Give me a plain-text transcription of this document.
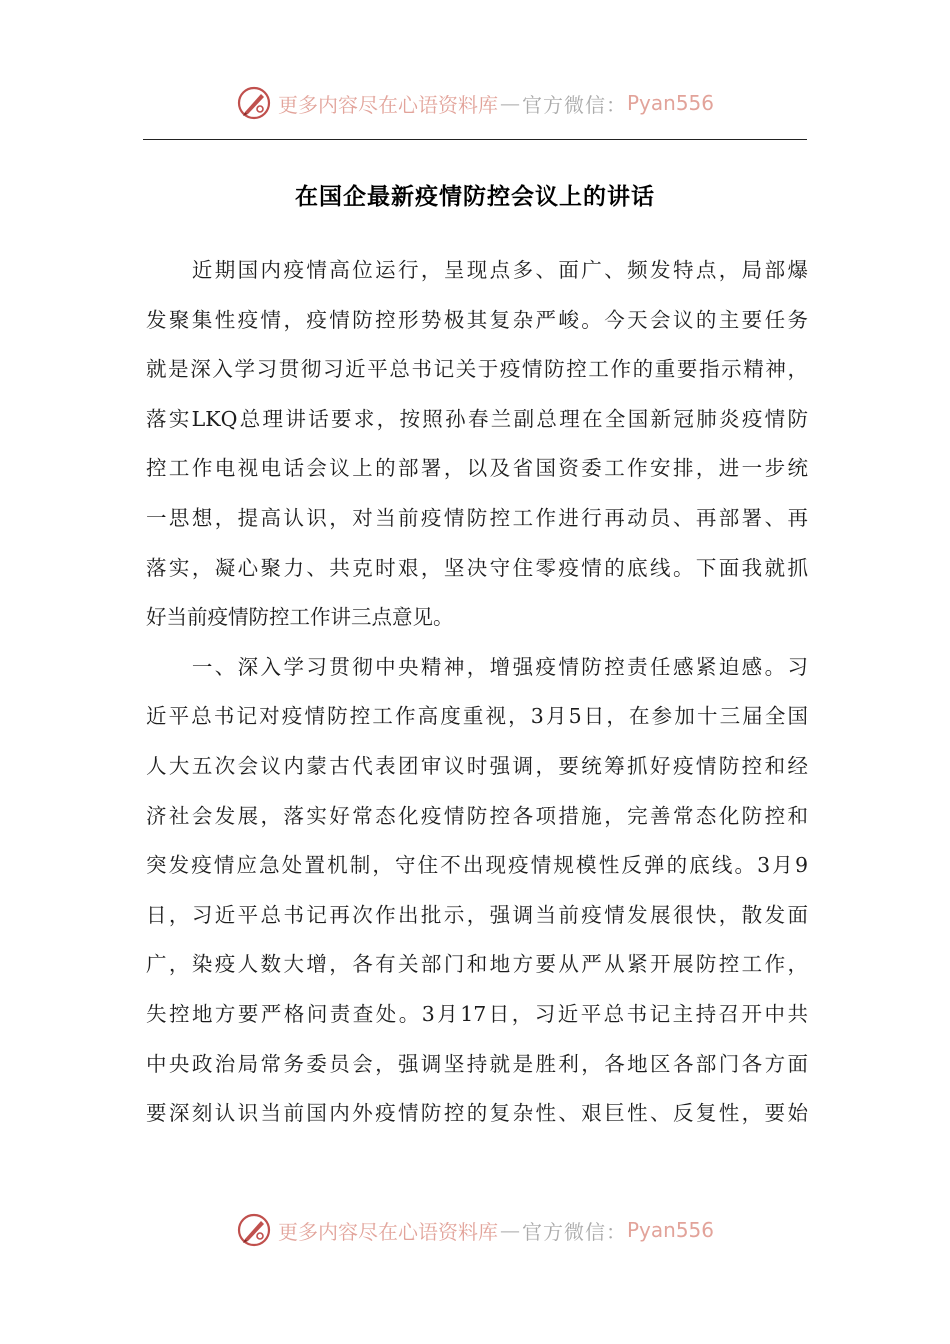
更多内容尽在心语资料库 — 官方微信： Pyan556
在国企最新疫情防控会议上的讲话
　　近期国内疫情高位运行，呈现点多、面广、频发特点，局部爆
发聚集性疫情，疫情防控形势极其复杂严峻。今天会议的主要任务
就是深入学习贯彻习近平总书记关于疫情防控工作的重要指示精神，
落实LKQ总理讲话要求，按照孙春兰副总理在全国新冠肺炎疫情防
控工作电视电话会议上的部署，以及省国资委工作安排，进一步统
一思想，提高认识，对当前疫情防控工作进行再动员、再部署、再
落实，凝心聚力、共克时艰，坚决守住零疫情的底线。下面我就抓
好当前疫情防控工作讲三点意见。
　　一、深入学习贯彻中央精神，增强疫情防控责任感紧迫感。习
近平总书记对疫情防控工作高度重视，3月5日，在参加十三届全国
人大五次会议内蒙古代表团审议时强调，要统筹抓好疫情防控和经
济社会发展，落实好常态化疫情防控各项措施，完善常态化防控和
突发疫情应急处置机制，守住不出现疫情规模性反弹的底线。3月9
日，习近平总书记再次作出批示，强调当前疫情发展很快，散发面
广，染疫人数大增，各有关部门和地方要从严从紧开展防控工作，
失控地方要严格问责查处。3月17日，习近平总书记主持召开中共
中央政治局常务委员会，强调坚持就是胜利，各地区各部门各方面
要深刻认识当前国内外疫情防控的复杂性、艰巨性、反复性，要始
更多内容尽在心语资料库 — 官方微信： Pyan556
